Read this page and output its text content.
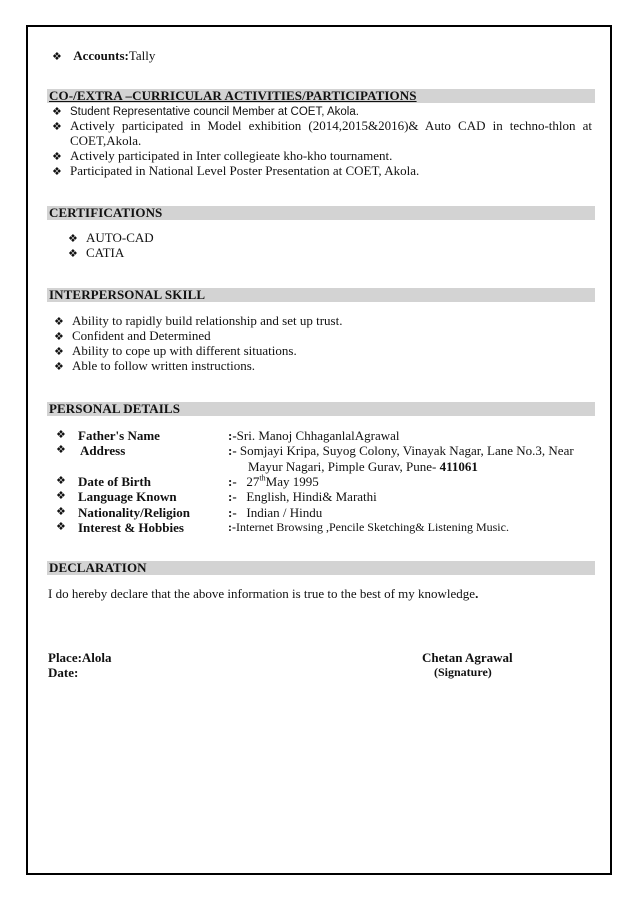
❖ Accounts:Tally
CO-/EXTRA –CURRICULAR ACTIVITIES/PARTICIPATIONS
❖ Student Representative council Member at COET, Akola.
❖ Actively participated in Model exhibition (2014,2015&2016)& Auto CAD in techno-thlon at
COET,Akola.
❖ Actively participated in Inter collegieate kho-kho tournament.
❖ Participated in National Level Poster Presentation at COET, Akola.
CERTIFICATIONS
❖ AUTO-CAD
❖ CATIA
INTERPERSONAL SKILL
❖ Ability to rapidly build relationship and set up trust.
❖ Confident and Determined
❖ Ability to cope up with different situations.
❖ Able to follow written instructions.
PERSONAL DETAILS
❖ Father's Name	:-Sri. Manoj ChhaganlalAgrawal
❖ Address	:- Somjayi Kripa, Suyog Colony, Vinayak Nagar, Lane No.3, Near
Mayur Nagari, Pimple Gurav, Pune- 411061
❖ Date of Birth	:- 27thMay 1995
❖ Language Known	:- English, Hindi& Marathi
❖ Nationality/Religion	:- Indian / Hindu
❖ Interest & Hobbies	:-Internet Browsing ,Pencile Sketching& Listening Music.
DECLARATION
I do hereby declare that the above information is true to the best of my knowledge.
Place:Alola
Date:
Chetan Agrawal
(Signature)
